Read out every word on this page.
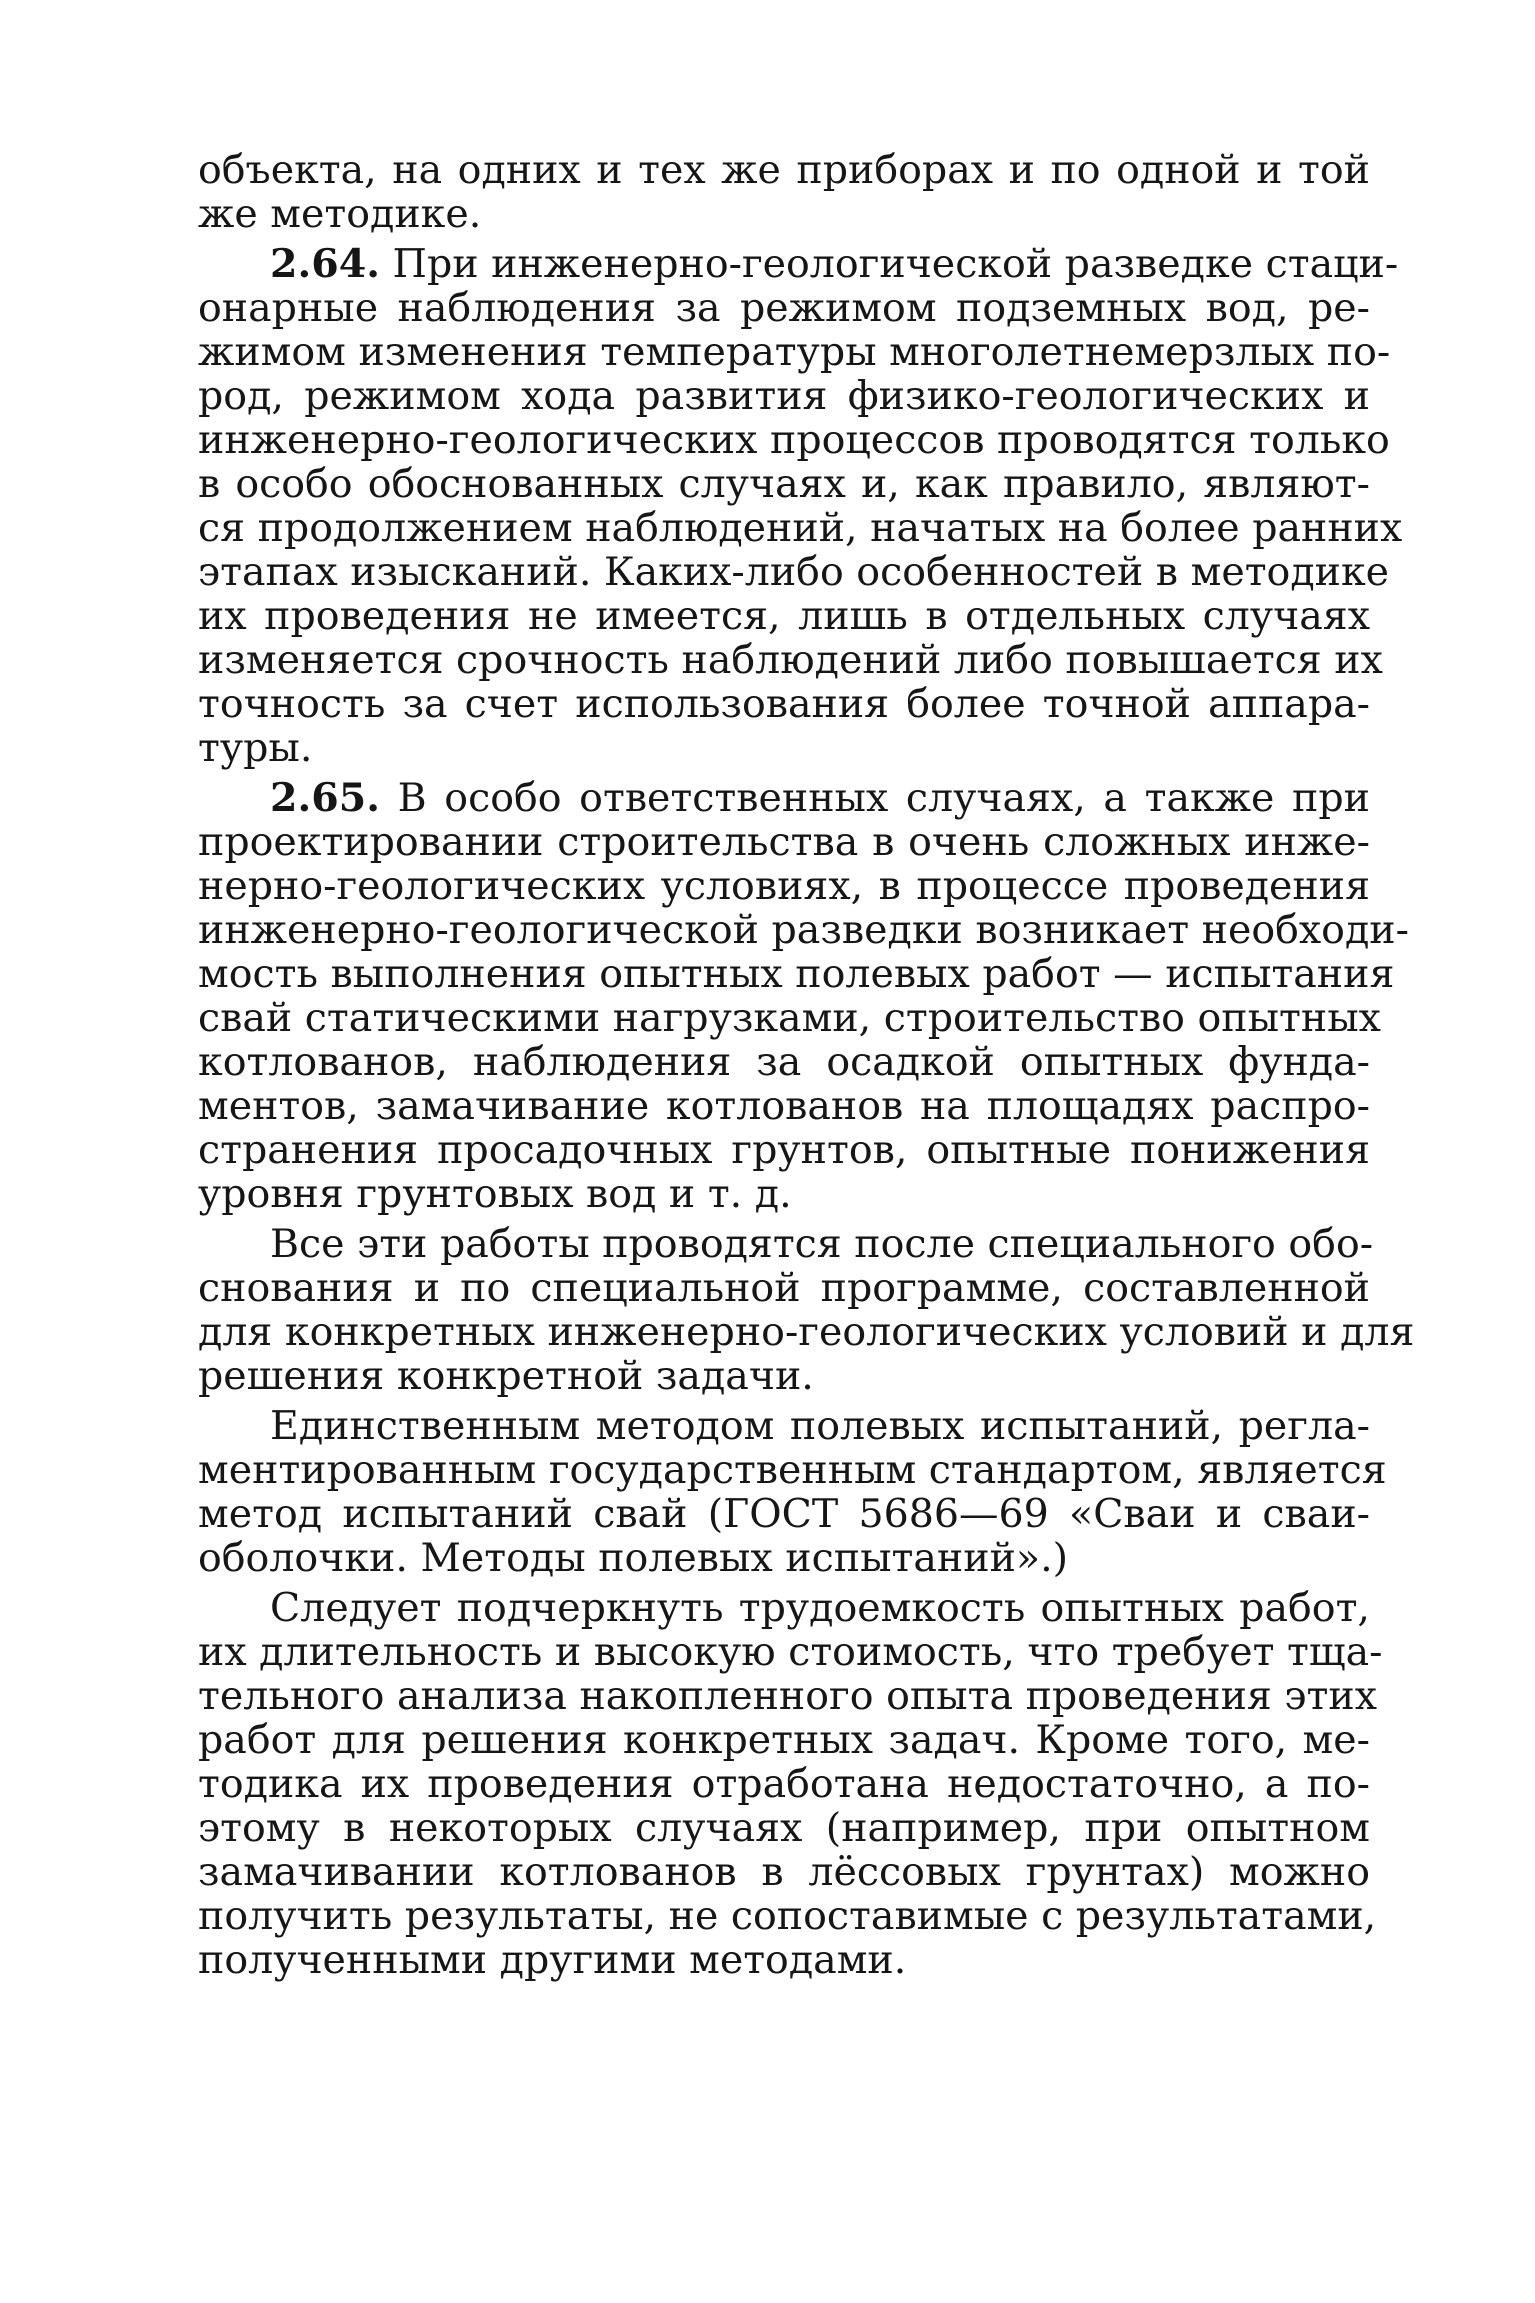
объекта, на одних и тех же приборах и по одной и той
же методике.
2.64. При инженерно-геологической разведке стаци-
онарные наблюдения за режимом подземных вод, ре-
жимом изменения температуры многолетнемерзлых по-
род, режимом хода развития физико-геологических и
инженерно-геологических процессов проводятся только
в особо обоснованных случаях и, как правило, являют-
ся продолжением наблюдений, начатых на более ранних
этапах изысканий. Каких-либо особенностей в методике
их проведения не имеется, лишь в отдельных случаях
изменяется срочность наблюдений либо повышается их
точность за счет использования более точной аппара-
туры.
2.65. В особо ответственных случаях, а также при
проектировании строительства в очень сложных инже-
нерно-геологических условиях, в процессе проведения
инженерно-геологической разведки возникает необходи-
мость выполнения опытных полевых работ — испытания
свай статическими нагрузками, строительство опытных
котлованов, наблюдения за осадкой опытных фунда-
ментов, замачивание котлованов на площадях распро-
странения просадочных грунтов, опытные понижения
уровня грунтовых вод и т. д.
Все эти работы проводятся после специального обо-
снования и по специальной программе, составленной
для конкретных инженерно-геологических условий и для
решения конкретной задачи.
Единственным методом полевых испытаний, регла-
ментированным государственным стандартом, является
метод испытаний свай (ГОСТ 5686—69 «Сваи и сваи-
оболочки. Методы полевых испытаний».)
Следует подчеркнуть трудоемкость опытных работ,
их длительность и высокую стоимость, что требует тща-
тельного анализа накопленного опыта проведения этих
работ для решения конкретных задач. Кроме того, ме-
тодика их проведения отработана недостаточно, а по-
этому в некоторых случаях (например, при опытном
замачивании котлованов в лёссовых грунтах) можно
получить результаты, не сопоставимые с результатами,
полученными другими методами.
